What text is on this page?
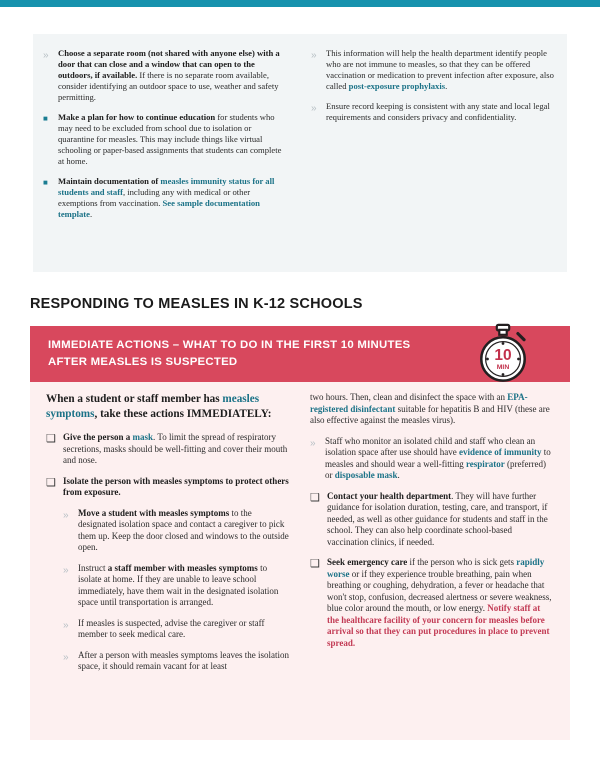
»	Choose a separate room (not shared with anyone else) with a door that can close and a window that can open to the outdoors, if available. If there is no separate room available, consider identifying an outdoor space to use, weather and safety permitting.
■	Make a plan for how to continue education for students who may need to be excluded from school due to isolation or quarantine for measles. This may include things like virtual schooling or paper-based assignments that students can complete at home.
■	Maintain documentation of measles immunity status for all students and staff, including any with medical or other exemptions from vaccination. See sample documentation template.
»	This information will help the health department identify people who are not immune to measles, so that they can be offered vaccination or medication to prevent infection after exposure, also called post-exposure prophylaxis.
»	Ensure record keeping is consistent with any state and local legal requirements and considers privacy and confidentiality.
RESPONDING TO MEASLES IN K-12 SCHOOLS
IMMEDIATE ACTIONS – WHAT TO DO IN THE FIRST 10 MINUTES
AFTER MEASLES IS SUSPECTED	10
MIN
When a student or staff member has measles symptoms, take these actions IMMEDIATELY:
❑ Give the person a mask. To limit the spread of respiratory secretions, masks should be well-fitting and cover their mouth and nose.
❑ Isolate the person with measles symptoms to protect others from exposure.
»	Move a student with measles symptoms to the designated isolation space and contact a caregiver to pick them up. Keep the door closed and windows to the outside open.
»	Instruct a staff member with measles symptoms to isolate at home. If they are unable to leave school immediately, have them wait in the designated isolation space until transportation is arranged.
»	If measles is suspected, advise the caregiver or staff member to seek medical care.
»	After a person with measles symptoms leaves the isolation space, it should remain vacant for at least
two hours. Then, clean and disinfect the space with an EPA-registered disinfectant suitable for hepatitis B and HIV (these are also effective against the measles virus).
»	Staff who monitor an isolated child and staff who clean an isolation space after use should have evidence of immunity to measles and should wear a well-fitting respirator (preferred) or disposable mask.
❑ Contact your health department. They will have further guidance for isolation duration, testing, care, and transport, if needed, as well as other guidance for students and staff in the school. They can also help coordinate school-based vaccination clinics, if needed.
❑ Seek emergency care if the person who is sick gets rapidly worse or if they experience trouble breathing, pain when breathing or coughing, dehydration, a fever or headache that won't stop, confusion, decreased alertness or severe weakness, blue color around the mouth, or low energy. Notify staff at the healthcare facility of your concern for measles before arrival so that they can put procedures in place to prevent spread.
